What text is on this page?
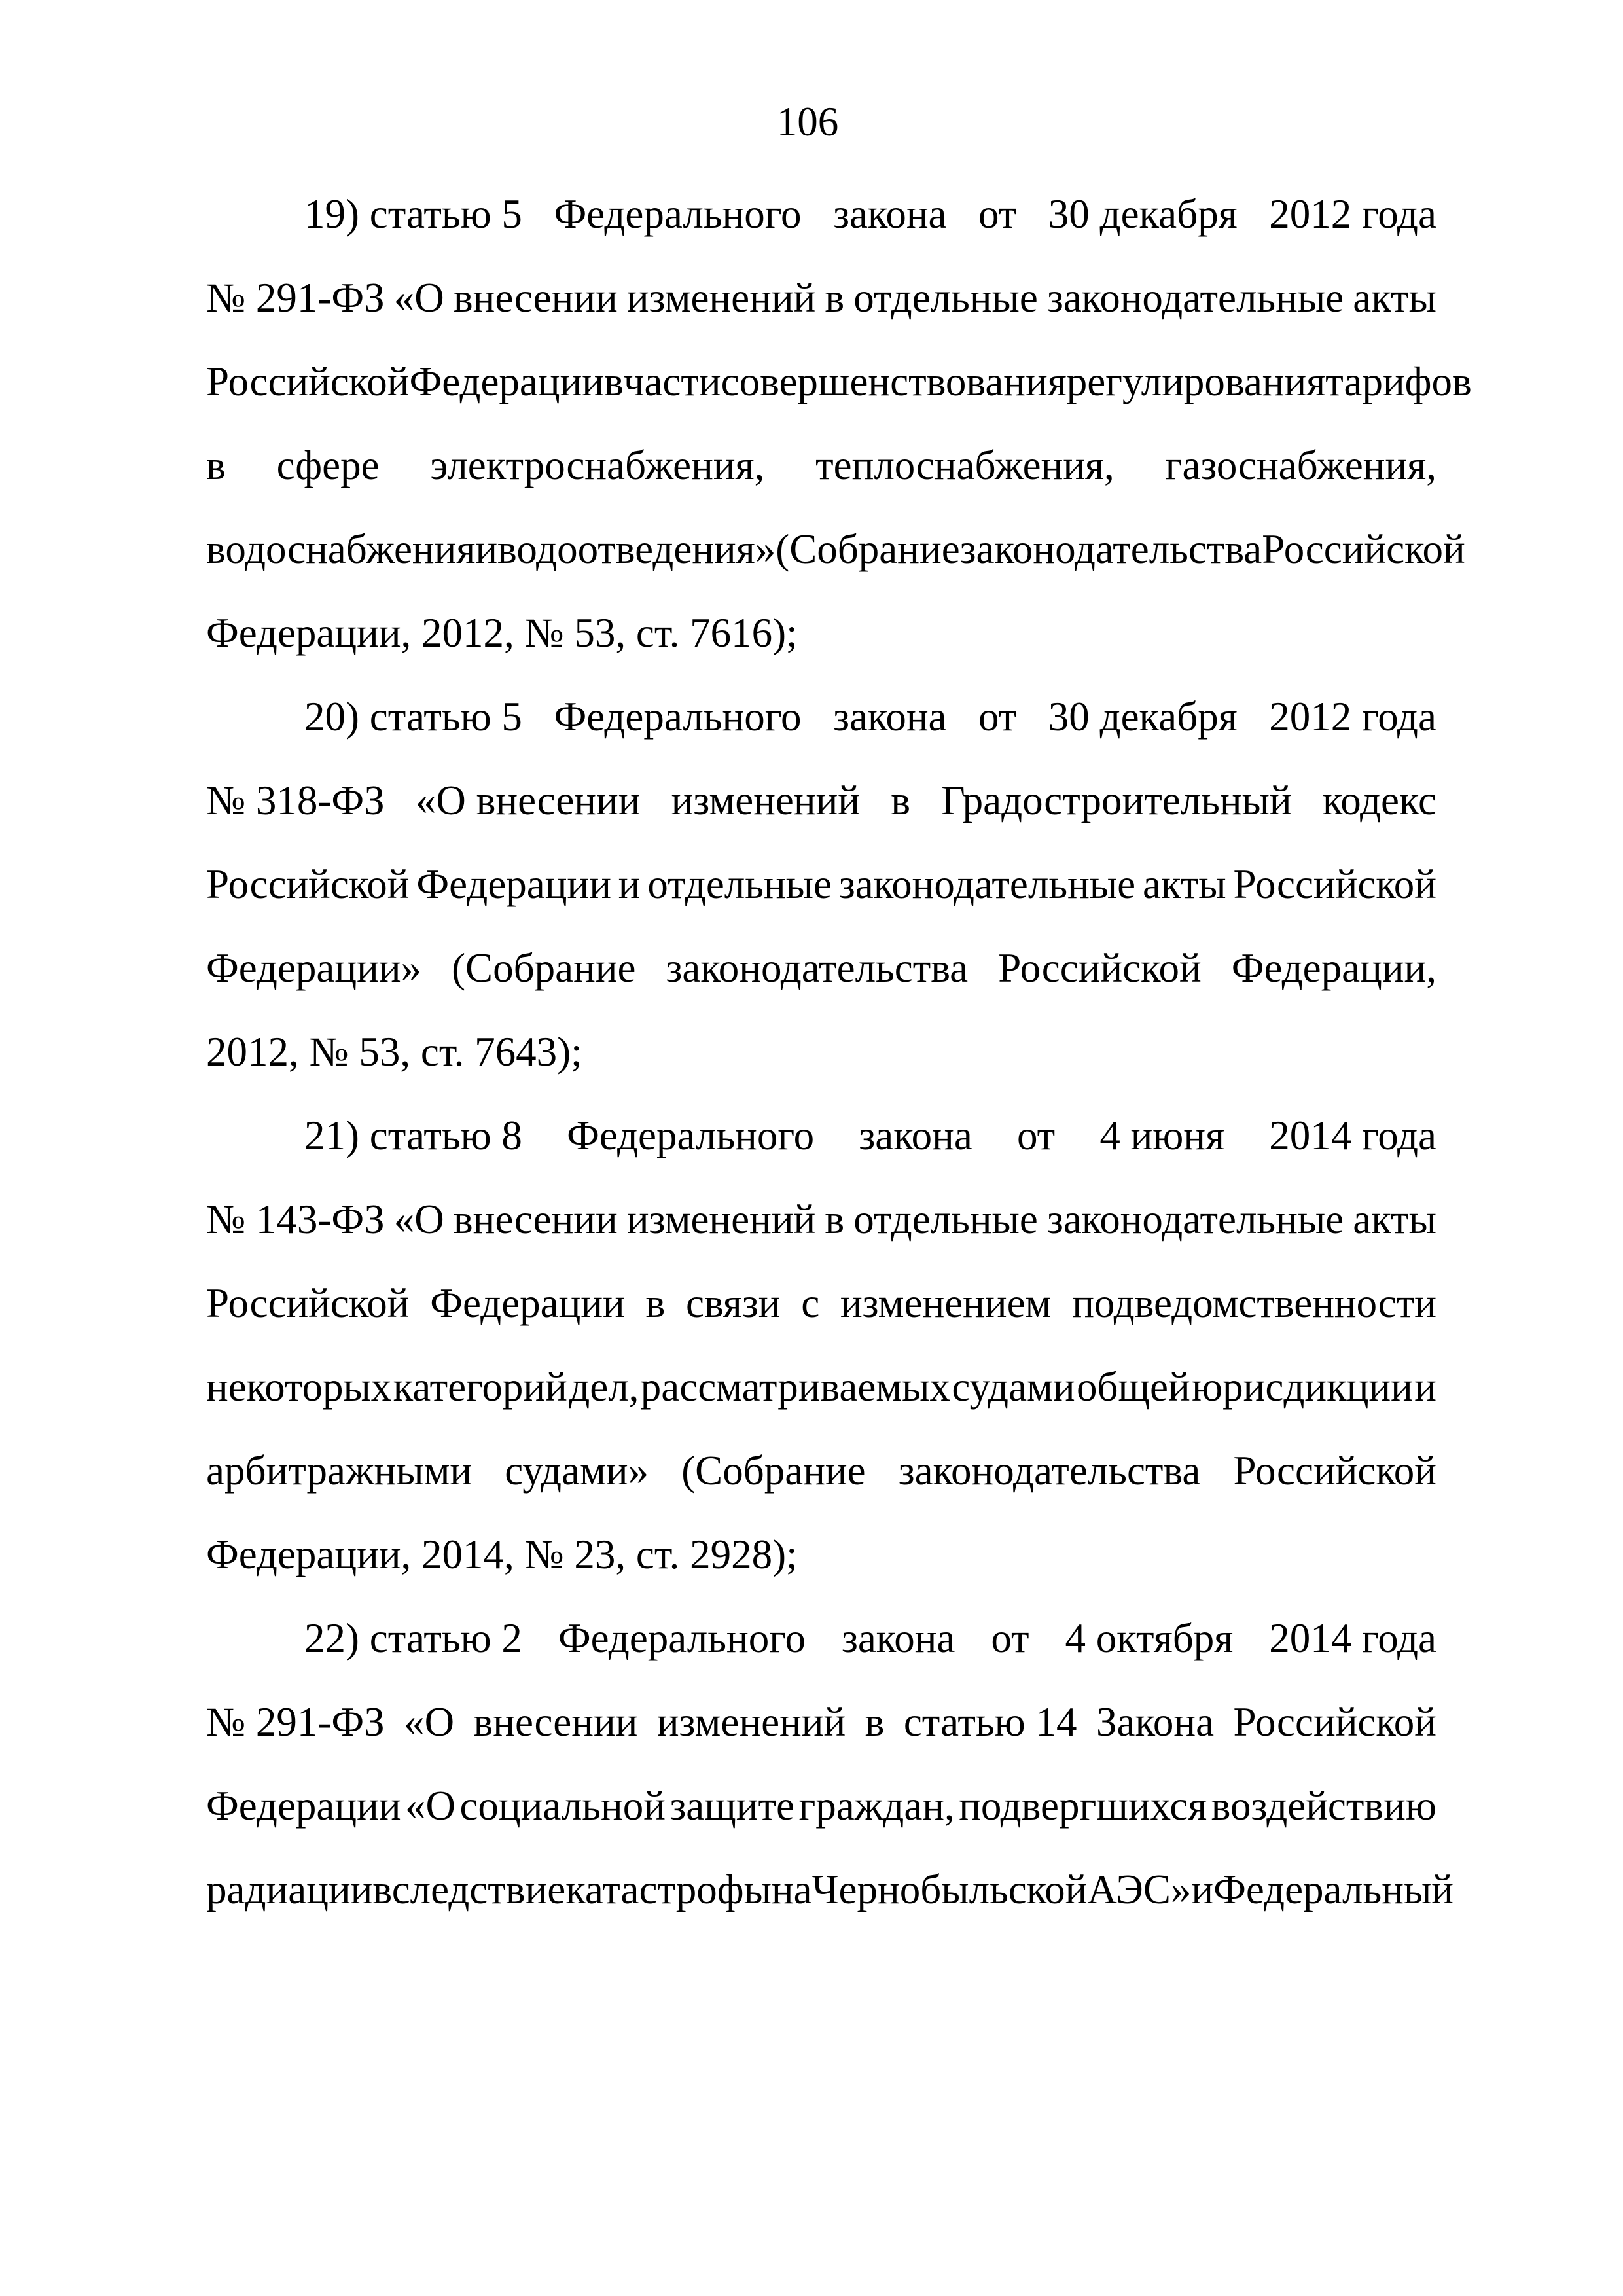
106
19) статью 5 Федерального закона от 30 декабря 2012 года
№ 291-ФЗ «О внесении изменений в отдельные законодательные акты
Российской Федерации в части совершенствования регулирования тарифов
в сфере электроснабжения, теплоснабжения, газоснабжения,
водоснабжения и водоотведения» (Собрание законодательства Российской
Федерации, 2012, № 53, ст. 7616);
20) статью 5 Федерального закона от 30 декабря 2012 года
№ 318-ФЗ «О внесении изменений в Градостроительный кодекс
Российской Федерации и отдельные законодательные акты Российской
Федерации» (Собрание законодательства Российской Федерации,
2012, № 53, ст. 7643);
21) статью 8 Федерального закона от 4 июня 2014 года
№ 143-ФЗ «О внесении изменений в отдельные законодательные акты
Российской Федерации в связи с изменением подведомственности
некоторых категорий дел, рассматриваемых судами общей юрисдикции и
арбитражными судами» (Собрание законодательства Российской
Федерации, 2014, № 23, ст. 2928);
22) статью 2 Федерального закона от 4 октября 2014 года
№ 291-ФЗ «О внесении изменений в статью 14 Закона Российской
Федерации «О социальной защите граждан, подвергшихся воздействию
радиации вследствие катастрофы на Чернобыльской АЭС» и Федеральный
